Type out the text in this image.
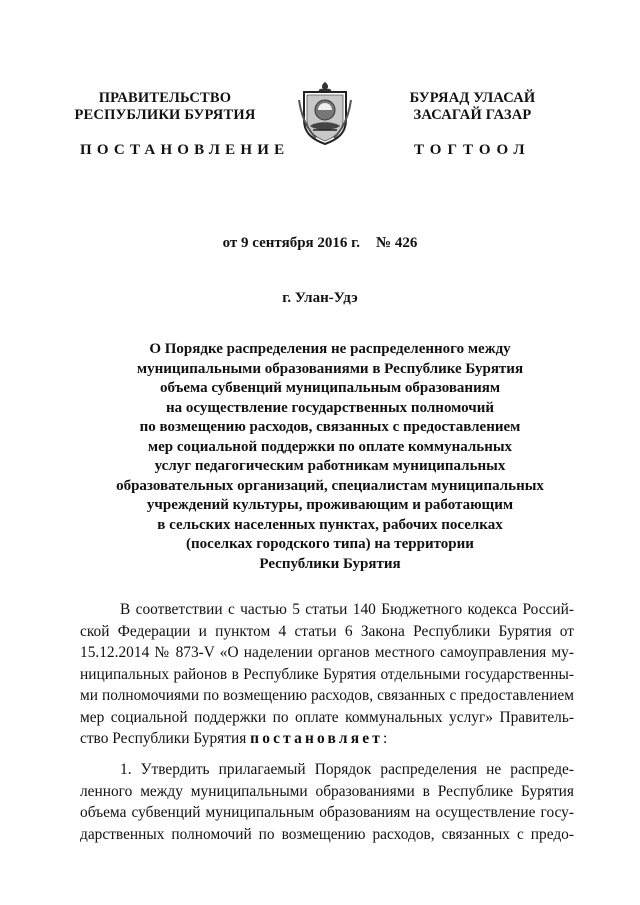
ПРАВИТЕЛЬСТВО
РЕСПУБЛИКИ БУРЯТИЯ
БУРЯАД УЛАСАЙ
ЗАСАГАЙ ГАЗАР
ПОСТАНОВЛЕНИЕ	ТОГТООЛ
от 9 сентября 2016 г. № 426
г. Улан-Удэ
О Порядке распределения не распределенного между
муниципальными образованиями в Республике Бурятия
объема субвенций муниципальным образованиям
на осуществление государственных полномочий
по возмещению расходов, связанных с предоставлением
мер социальной поддержки по оплате коммунальных
услуг педагогическим работникам муниципальных
образовательных организаций, специалистам муниципальных
учреждений культуры, проживающим и работающим
в сельских населенных пунктах, рабочих поселках
(поселках городского типа) на территории
Республики Бурятия
В соответствии с частью 5 статьи 140 Бюджетного кодекса Россий-
ской Федерации и пунктом 4 статьи 6 Закона Республики Бурятия от
15.12.2014 № 873-V «О наделении органов местного самоуправления му-
ниципальных районов в Республике Бурятия отдельными государственны-
ми полномочиями по возмещению расходов, связанных с предоставлением
мер социальной поддержки по оплате коммунальных услуг» Правитель-
ство Республики Бурятия постановляет:
1. Утвердить прилагаемый Порядок распределения не распреде-
ленного между муниципальными образованиями в Республике Бурятия
объема субвенций муниципальным образованиям на осуществление госу-
дарственных полномочий по возмещению расходов, связанных с предо-
